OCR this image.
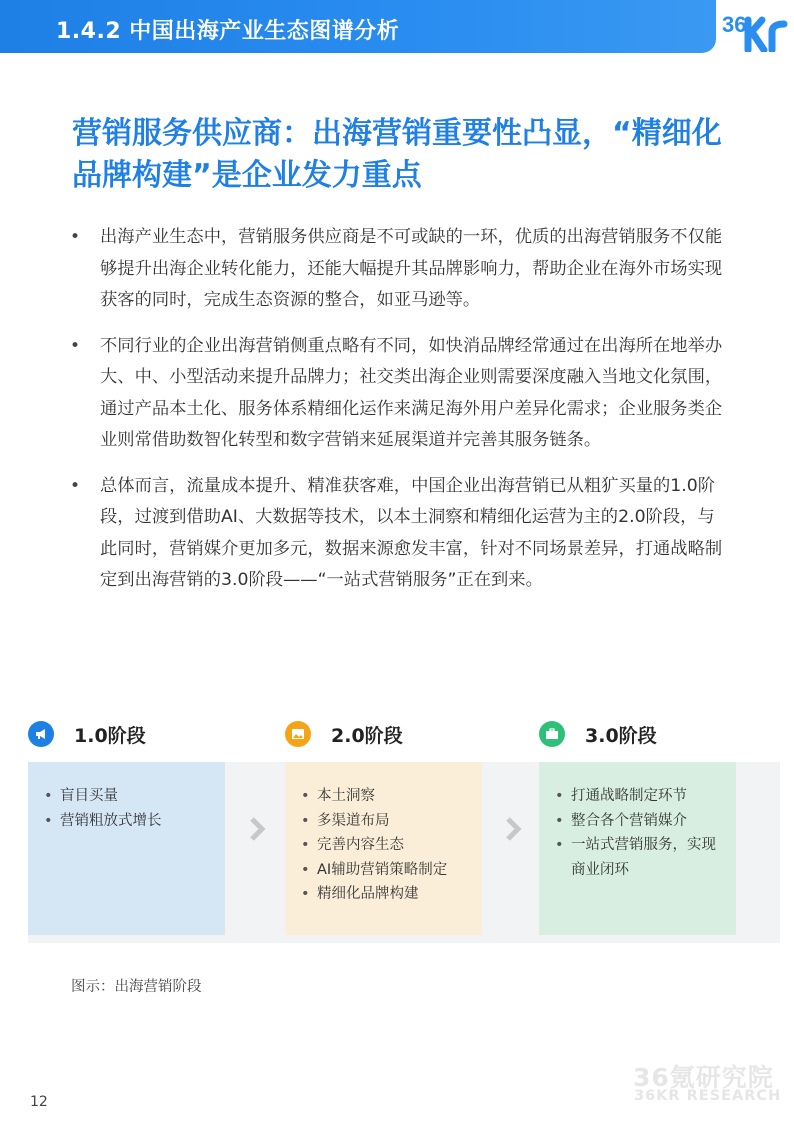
1.4.2 中国出海产业生态图谱分析	36
营销服务供应商：出海营销重要性凸显，“精细化品牌构建”是企业发力重点
• 出海产业生态中，营销服务供应商是不可或缺的一环，优质的出海营销服务不仅能够提升出海企业转化能力，还能大幅提升其品牌影响力，帮助企业在海外市场实现获客的同时，完成生态资源的整合，如亚马逊等。
• 不同行业的企业出海营销侧重点略有不同，如快消品牌经常通过在出海所在地举办大、中、小型活动来提升品牌力；社交类出海企业则需要深度融入当地文化氛围，通过产品本土化、服务体系精细化运作来满足海外用户差异化需求；企业服务类企业则常借助数智化转型和数字营销来延展渠道并完善其服务链条。
• 总体而言，流量成本提升、精准获客难，中国企业出海营销已从粗犷买量的1.0阶段，过渡到借助AI、大数据等技术，以本土洞察和精细化运营为主的2.0阶段，与此同时，营销媒介更加多元，数据来源愈发丰富，针对不同场景差异，打通战略制定到出海营销的3.0阶段——“一站式营销服务”正在到来。
1.0阶段
• 盲目买量
• 营销粗放式增长
2.0阶段
• 本土洞察
• 多渠道布局
• 完善内容生态
• AI辅助营销策略制定
• 精细化品牌构建
3.0阶段
• 打通战略制定环节
• 整合各个营销媒介
• 一站式营销服务，实现商业闭环
图示：出海营销阶段
36氪研究院
36KR RESEARCH
12
